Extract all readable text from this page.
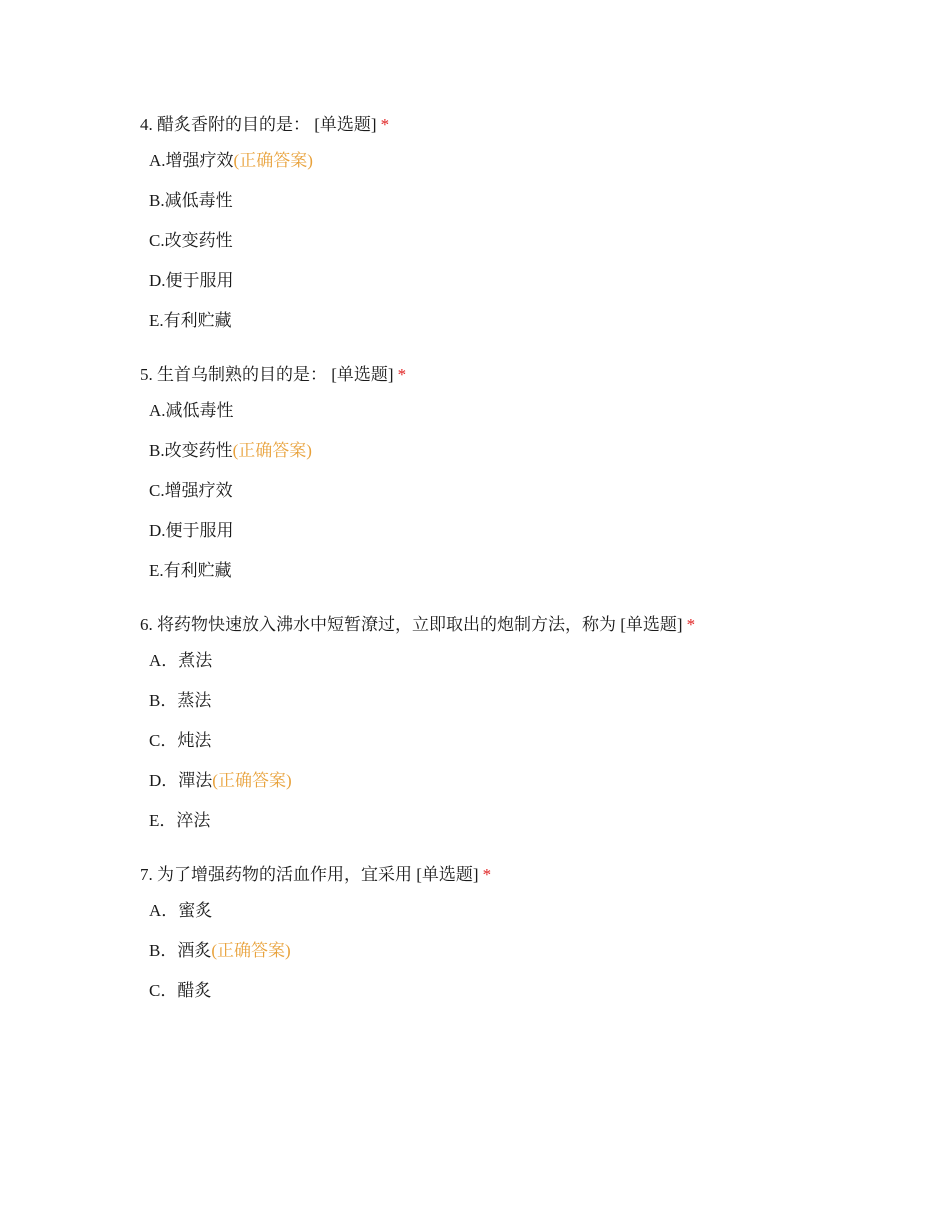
4. 醋炙香附的目的是： [单选题] *
A.增强疗效(正确答案)
B.减低毒性
C.改变药性
D.便于服用
E.有利贮藏
5. 生首乌制熟的目的是： [单选题] *
A.减低毒性
B.改变药性(正确答案)
C.增强疗效
D.便于服用
E.有利贮藏
6. 将药物快速放入沸水中短暂潦过，立即取出的炮制方法，称为 [单选题] *
A．煮法
B．蒸法
C．炖法
D．潬法(正确答案)
E．淬法
7. 为了增强药物的活血作用，宜采用 [单选题] *
A．蜜炙
B．酒炙(正确答案)
C．醋炙
